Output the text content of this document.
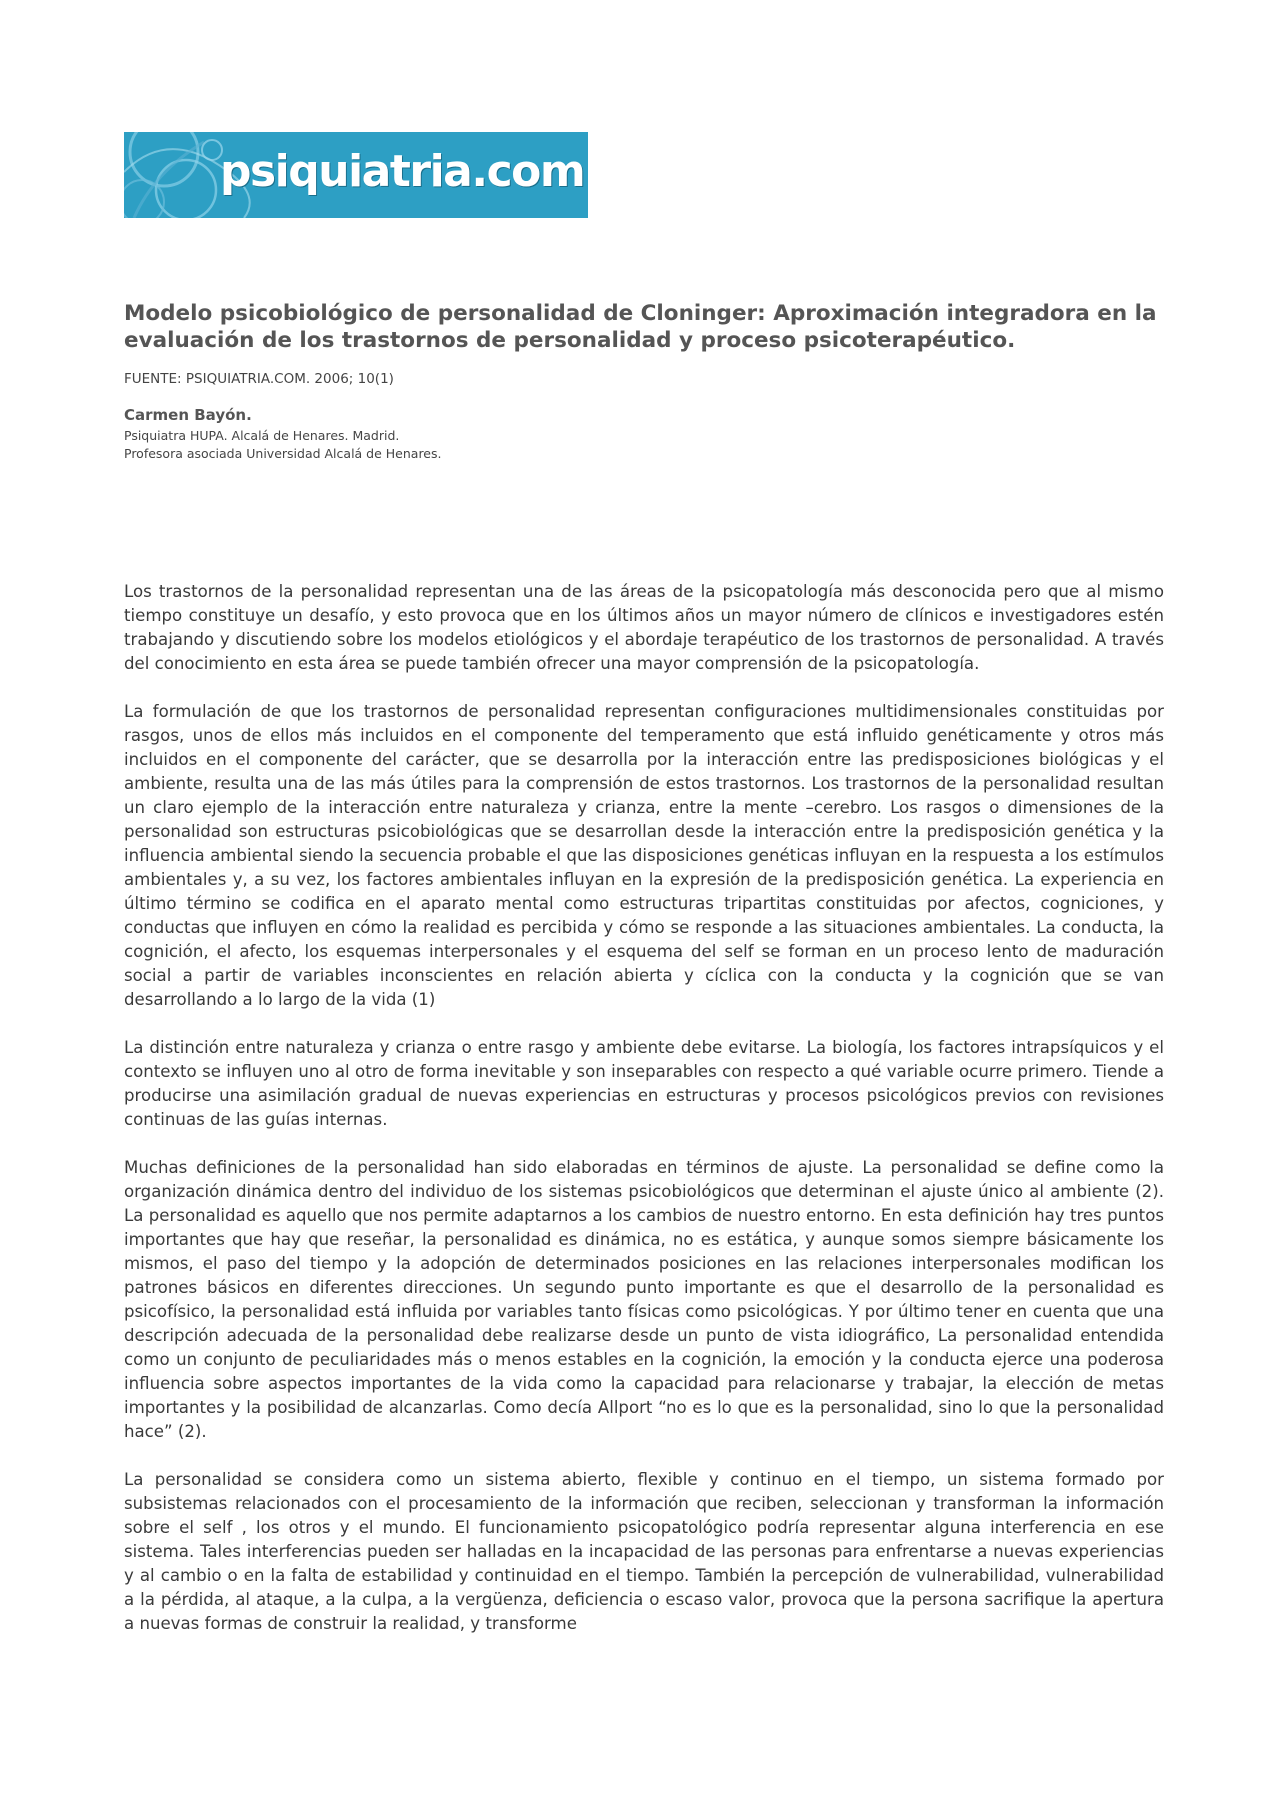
psiquiatria.com
Modelo psicobiológico de personalidad de Cloninger: Aproximación integradora en la evaluación de los trastornos de personalidad y proceso psicoterapéutico.
FUENTE: PSIQUIATRIA.COM. 2006; 10(1)
Carmen Bayón.
Psiquiatra HUPA. Alcalá de Henares. Madrid.
Profesora asociada Universidad Alcalá de Henares.

Los trastornos de la personalidad representan una de las áreas de la psicopatología más desconocida pero que al mismo tiempo constituye un desafío, y esto provoca que en los últimos años un mayor número de clínicos e investigadores estén trabajando y discutiendo sobre los modelos etiológicos y el abordaje terapéutico de los trastornos de personalidad. A través del conocimiento en esta área se puede también ofrecer una mayor comprensión de la psicopatología.

La formulación de que los trastornos de personalidad representan configuraciones multidimensionales constituidas por rasgos, unos de ellos más incluidos en el componente del temperamento que está influido genéticamente y otros más incluidos en el componente del carácter, que se desarrolla por la interacción entre las predisposiciones biológicas y el ambiente, resulta una de las más útiles para la comprensión de estos trastornos. Los trastornos de la personalidad resultan un claro ejemplo de la interacción entre naturaleza y crianza, entre la mente –cerebro. Los rasgos o dimensiones de la personalidad son estructuras psicobiológicas que se desarrollan desde la interacción entre la predisposición genética y la influencia ambiental siendo la secuencia probable el que las disposiciones genéticas influyan en la respuesta a los estímulos ambientales y, a su vez, los factores ambientales influyan en la expresión de la predisposición genética. La experiencia en último término se codifica en el aparato mental como estructuras tripartitas constituidas por afectos, cogniciones, y conductas que influyen en cómo la realidad es percibida y cómo se responde a las situaciones ambientales. La conducta, la cognición, el afecto, los esquemas interpersonales y el esquema del self se forman en un proceso lento de maduración social a partir de variables inconscientes en relación abierta y cíclica con la conducta y la cognición que se van desarrollando a lo largo de la vida (1)

La distinción entre naturaleza y crianza o entre rasgo y ambiente debe evitarse. La biología, los factores intrapsíquicos y el contexto se influyen uno al otro de forma inevitable y son inseparables con respecto a qué variable ocurre primero. Tiende a producirse una asimilación gradual de nuevas experiencias en estructuras y procesos psicológicos previos con revisiones continuas de las guías internas.

Muchas definiciones de la personalidad han sido elaboradas en términos de ajuste. La personalidad se define como la organización dinámica dentro del individuo de los sistemas psicobiológicos que determinan el ajuste único al ambiente (2). La personalidad es aquello que nos permite adaptarnos a los cambios de nuestro entorno. En esta definición hay tres puntos importantes que hay que reseñar, la personalidad es dinámica, no es estática, y aunque somos siempre básicamente los mismos, el paso del tiempo y la adopción de determinados posiciones en las relaciones interpersonales modifican los patrones básicos en diferentes direcciones. Un segundo punto importante es que el desarrollo de la personalidad es psicofísico, la personalidad está influida por variables tanto físicas como psicológicas. Y por último tener en cuenta que una descripción adecuada de la personalidad debe realizarse desde un punto de vista idiográfico, La personalidad entendida como un conjunto de peculiaridades más o menos estables en la cognición, la emoción y la conducta ejerce una poderosa influencia sobre aspectos importantes de la vida como la capacidad para relacionarse y trabajar, la elección de metas importantes y la posibilidad de alcanzarlas. Como decía Allport “no es lo que es la personalidad, sino lo que la personalidad hace” (2).

La personalidad se considera como un sistema abierto, flexible y continuo en el tiempo, un sistema formado por subsistemas relacionados con el procesamiento de la información que reciben, seleccionan y transforman la información sobre el self , los otros y el mundo. El funcionamiento psicopatológico podría representar alguna interferencia en ese sistema. Tales interferencias pueden ser halladas en la incapacidad de las personas para enfrentarse a nuevas experiencias y al cambio o en la falta de estabilidad y continuidad en el tiempo. También la percepción de vulnerabilidad, vulnerabilidad a la pérdida, al ataque, a la culpa, a la vergüenza, deficiencia o escaso valor, provoca que la persona sacrifique la apertura a nuevas formas de construir la realidad, y transforme
